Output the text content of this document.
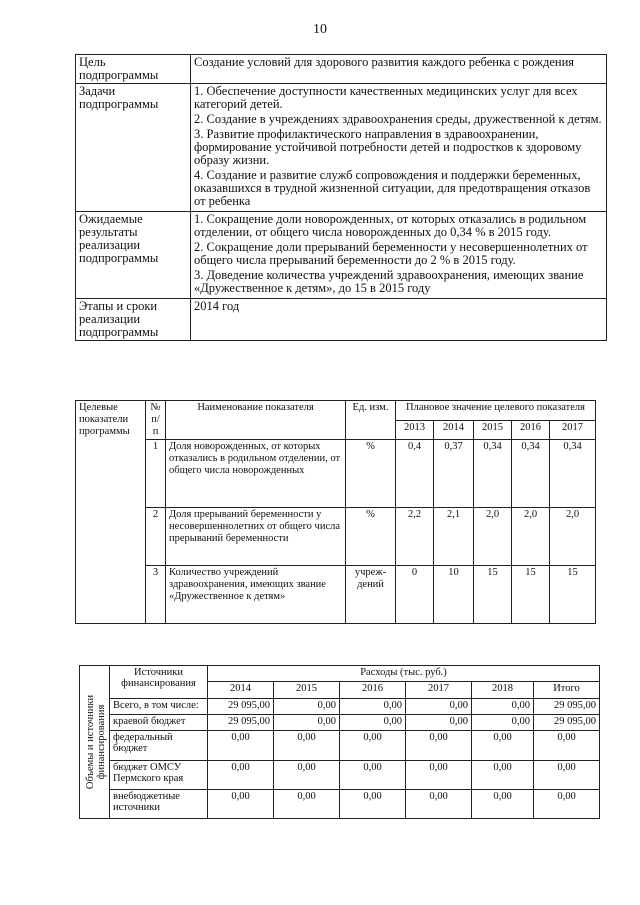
10
Цель подпрограммы	Создание условий для здорового развития каждого ребенка с рождения
Задачи подпрограммы	1. Обеспечение доступности качественных медицинских услуг для всех категорий детей.

2. Создание в учреждениях здравоохранения среды, дружественной к детям.

3. Развитие профилактического направления в здравоохранении, формирование устойчивой потребности детей и подростков к здоровому образу жизни.

4. Создание и развитие служб сопровождения и поддержки беременных, оказавшихся в трудной жизненной ситуации, для предотвращения отказов от ребенка

Ожидаемые результаты реализации подпрограммы	1. Сокращение доли новорожденных, от которых отказались в родильном отделении, от общего числа новорожденных до 0,34 % в 2015 году.

2. Сокращение доли прерываний беременности у несовершеннолетних от общего числа прерываний беременности до 2 % в 2015 году.

3. Доведение количества учреждений здравоохранения, имеющих звание «Дружественное к детям», до 15 в 2015 году

Этапы и сроки реализации подпрограммы	2014 год
Целевые показатели программы	№ п/п	Наименование показателя	Ед. изм.	Плановое значение целевого показателя				
				2013	2014	2015	2016	2017
	1	Доля новорожденных, от которых отказались в родильном отделении, от общего числа новорожденных	%	0,4	0,37	0,34	0,34	0,34
	2	Доля прерываний беременности у несовершеннолетних от общего числа прерываний беременности	%	2,2	2,1	2,0	2,0	2,0
	3	Количество учреждений здравоохранения, имеющих звание «Дружественное к детям»	учреж-дений	0	10	15	15	15
Объемы и источники финансирования	Источники финансирования	Расходы (тыс. руб.)					
		2014	2015	2016	2017	2018	Итого
	Всего, в том числе:	29 095,00	0,00	0,00	0,00	0,00	29 095,00
	краевой бюджет	29 095,00	0,00	0,00	0,00	0,00	29 095,00
	федеральный бюджет	0,00	0,00	0,00	0,00	0,00	0,00
	бюджет ОМСУ Пермского края	0,00	0,00	0,00	0,00	0,00	0,00
	внебюджетные источники	0,00	0,00	0,00	0,00	0,00	0,00
